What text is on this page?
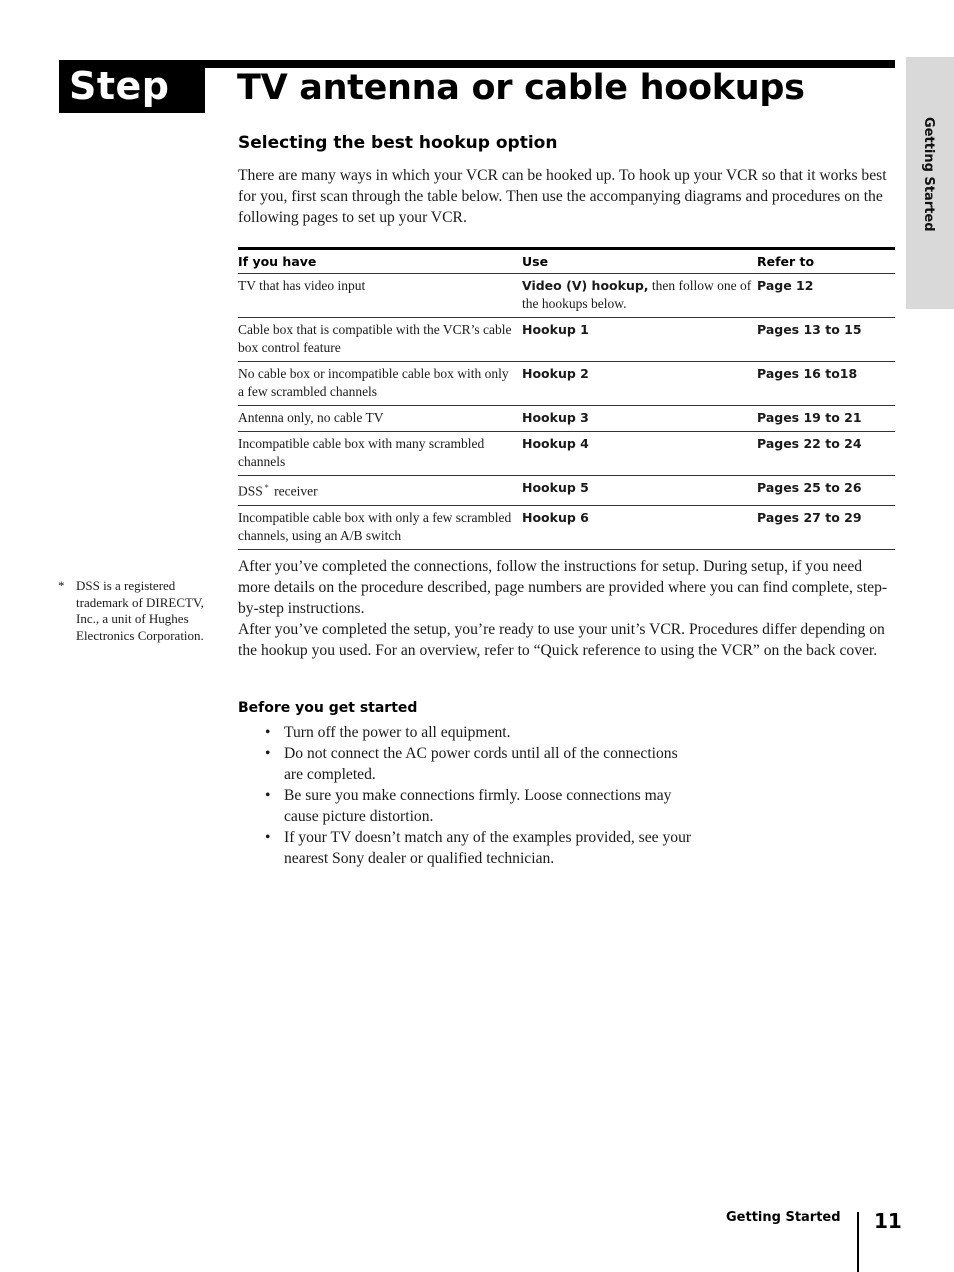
Step 5
TV antenna or cable hookups
Getting Started
Selecting the best hookup option

There are many ways in which your VCR can be hooked up. To hook up your VCR so that it works best for you, first scan through the table below. Then use the accompanying diagrams and procedures on the following pages to set up your VCR.

If you have	Use	Refer to
TV that has video input	Video (V) hookup, then follow one of the hookups below.	Page 12
Cable box that is compatible with the VCR’s cable box control feature	Hookup 1	Pages 13 to 15
No cable box or incompatible cable box with only a few scrambled channels	Hookup 2	Pages 16 to18
Antenna only, no cable TV	Hookup 3	Pages 19 to 21
Incompatible cable box with many scrambled channels	Hookup 4	Pages 22 to 24
DSS * receiver	Hookup 5	Pages 25 to 26
Incompatible cable box with only a few scrambled channels, using an A/B switch	Hookup 6	Pages 27 to 29

After you’ve completed the connections, follow the instructions for setup. During setup, if you need more details on the procedure described, page numbers are provided where you can find complete, step-by-step instructions.

After you’ve completed the setup, you’re ready to use your unit’s VCR. Procedures differ depending on the hookup you used. For an overview, refer to “Quick reference to using the VCR” on the back cover.

* DSS is a registered trademark of DIRECTV, Inc., a unit of Hughes Electronics Corporation.
Before you get started
• Turn off the power to all equipment.
• Do not connect the AC power cords until all of the connections are completed.
• Be sure you make connections firmly. Loose connections may cause picture distortion.
• If your TV doesn’t match any of the examples provided, see your nearest Sony dealer or qualified technician.
Getting Started 11
